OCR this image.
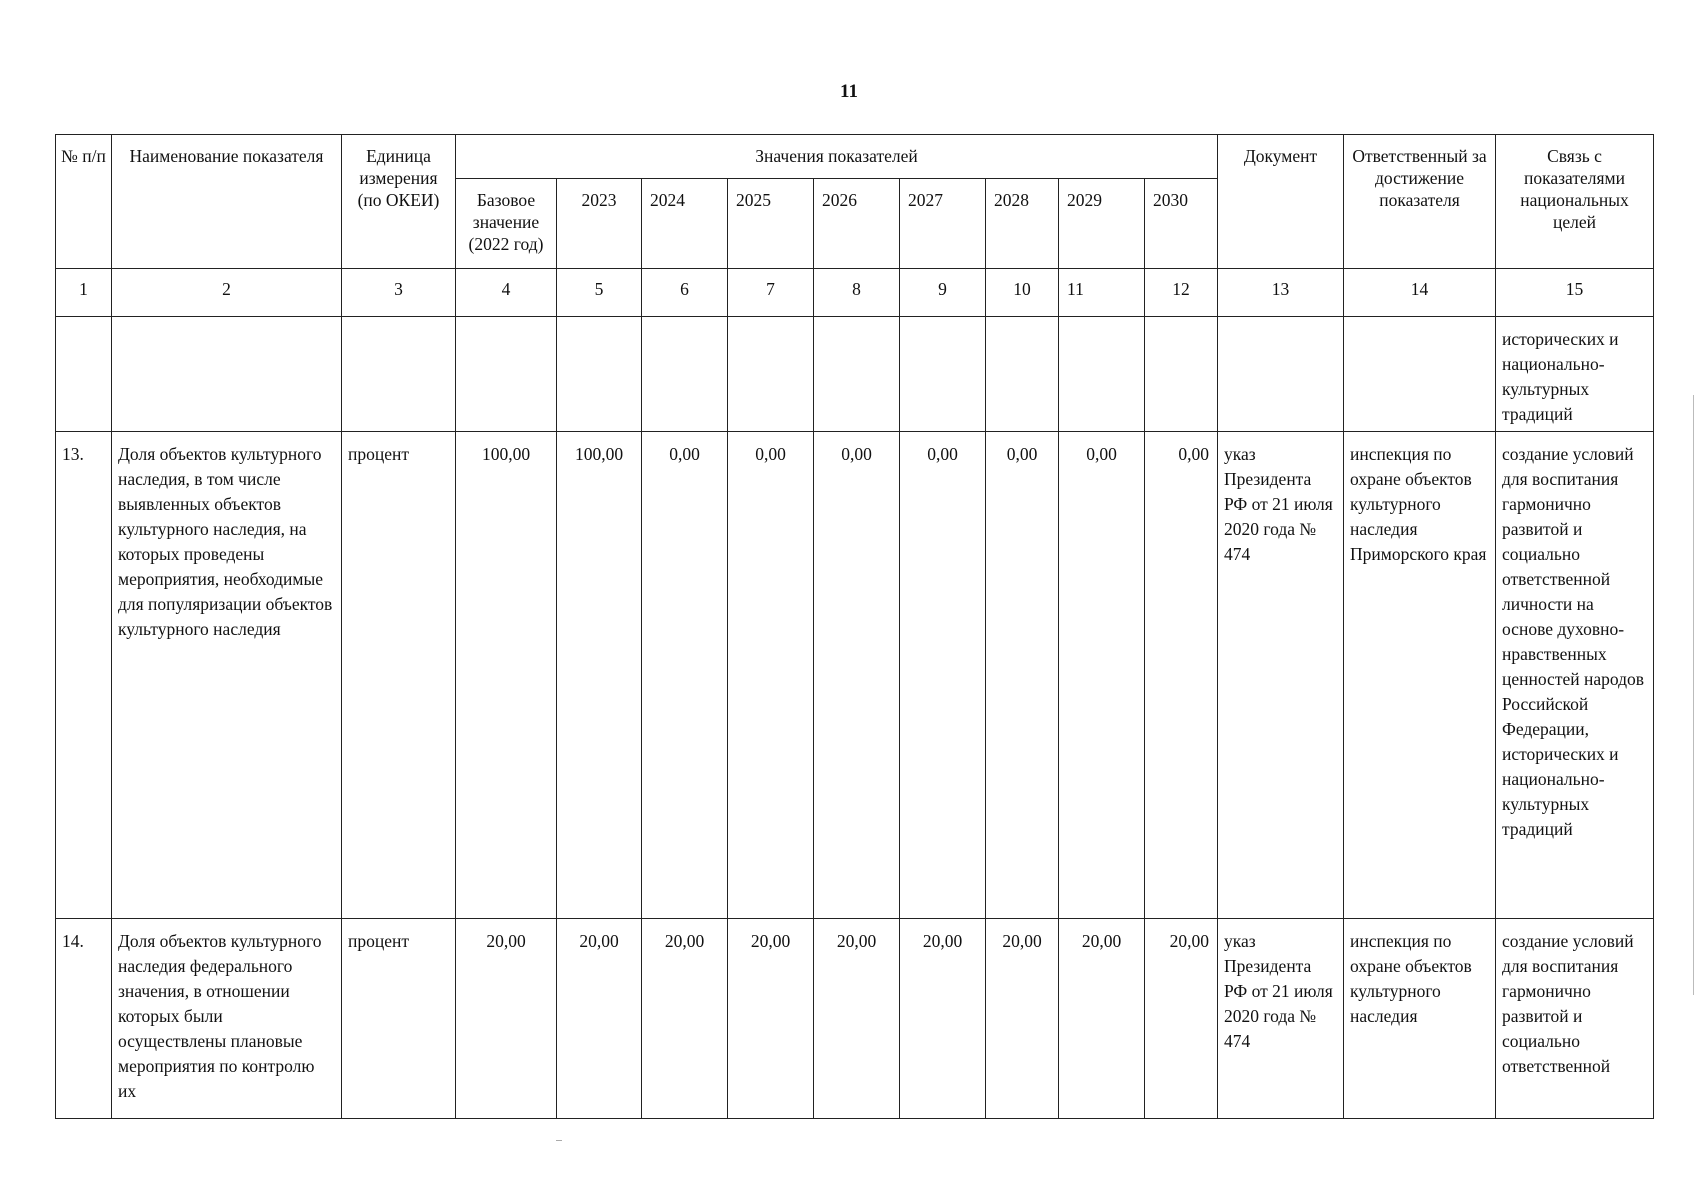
11
№ п/п	Наименование показателя	Единица измерения (по ОКЕИ)	Значения показателей									Документ	Ответственный за достижение показателя	Связь с показателями национальных целей
			Базовое значение (2022 год)	2023	2024	2025	2026	2027	2028	2029	2030			
1	2	3	4	5	6	7	8	9	10	11	12	13	14	15
														исторических и национально-культурных традиций
13.	Доля объектов культурного наследия, в том числе выявленных объектов культурного наследия, на которых проведены мероприятия, необходимые для популяризации объектов культурного наследия	процент	100,00	100,00	0,00	0,00	0,00	0,00	0,00	0,00	0,00	указ Президента РФ от 21 июля 2020 года № 474	инспекция по охране объектов культурного наследия Приморского края	создание условий для воспитания гармонично развитой и социально ответственной личности на основе духовно-нравственных ценностей народов Российской Федерации, исторических и национально-культурных традиций
14.	Доля объектов культурного наследия федерального значения, в отношении которых были осуществлены плановые мероприятия по контролю их	процент	20,00	20,00	20,00	20,00	20,00	20,00	20,00	20,00	20,00	указ Президента РФ от 21 июля 2020 года № 474	инспекция по охране объектов культурного наследия	создание условий для воспитания гармонично развитой и социально ответственной
